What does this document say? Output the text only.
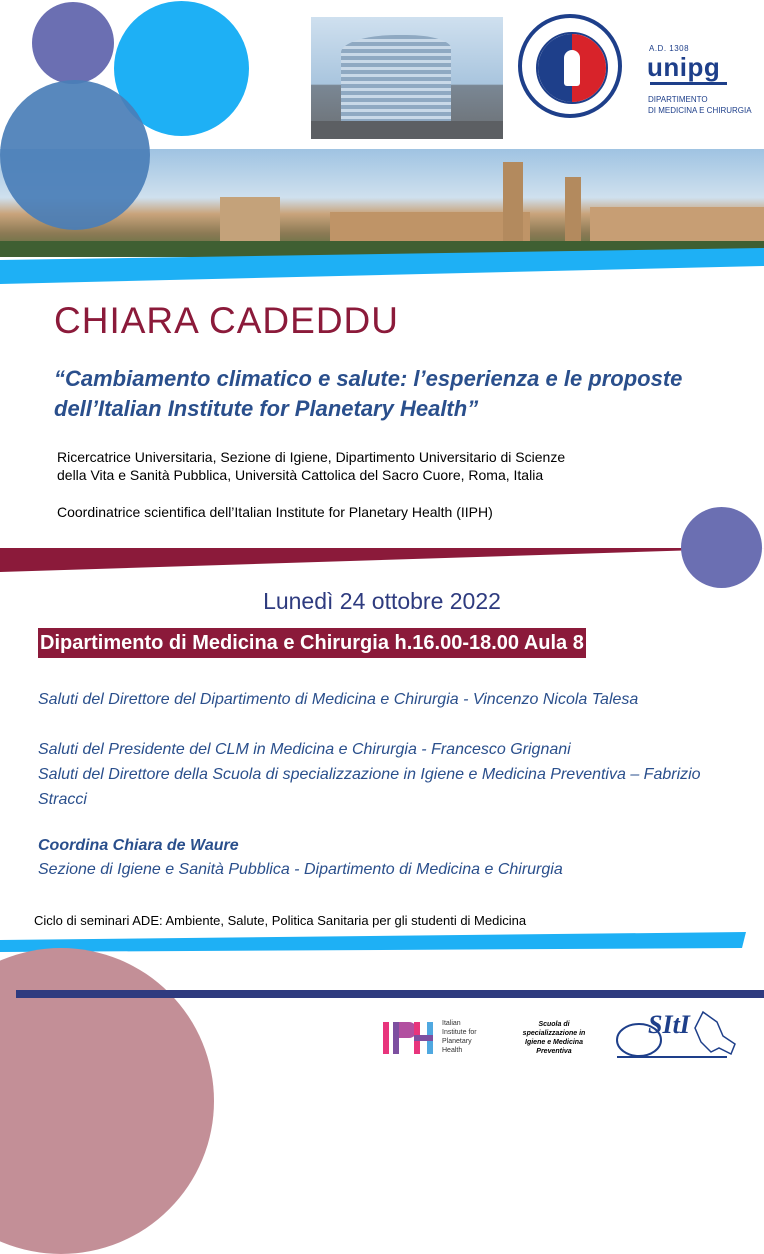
A.D. 1308
unipg
DIPARTIMENTO
DI MEDICINA E CHIRURGIA
CHIARA CADEDDU
“Cambiamento climatico e salute: l’esperienza e le proposte dell’Italian Institute for Planetary Health”
Ricercatrice Universitaria, Sezione di Igiene, Dipartimento Universitario di Scienze
della Vita e Sanità Pubblica, Università Cattolica del Sacro Cuore, Roma, Italia
Coordinatrice scientifica dell’Italian Institute for Planetary Health (IIPH)
Lunedì 24 ottobre 2022
Dipartimento di Medicina e Chirurgia h.16.00-18.00 Aula 8
Saluti del Direttore del Dipartimento di Medicina e Chirurgia - Vincenzo Nicola Talesa
Saluti del Presidente del CLM in Medicina e Chirurgia - Francesco Grignani
Saluti del Direttore della Scuola di specializzazione in Igiene e Medicina Preventiva – Fabrizio Stracci
Coordina Chiara de Waure
Sezione di Igiene e Sanità Pubblica - Dipartimento di Medicina e Chirurgia
Ciclo di seminari ADE: Ambiente, Salute, Politica Sanitaria per gli studenti di Medicina
Italian
Institute for
Planetary
Health
Scuola di
specializzazione in
Igiene e Medicina
Preventiva
SItI
